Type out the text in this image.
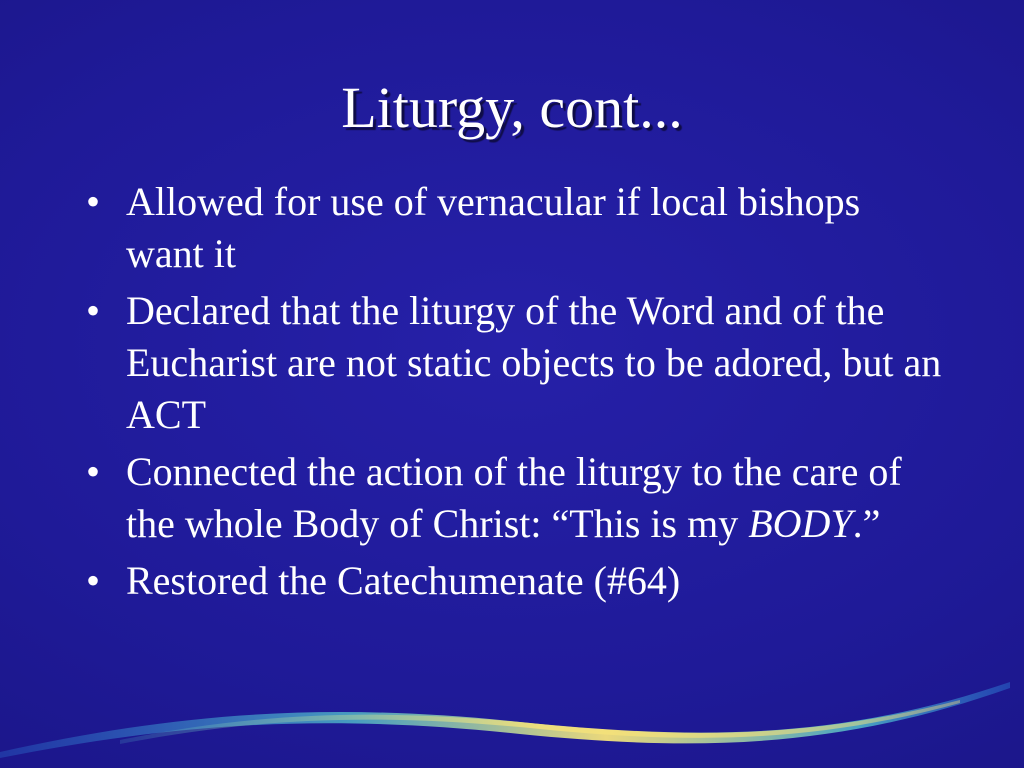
Liturgy, cont...
• Allowed for use of vernacular if local bishops want it
• Declared that the liturgy of the Word and of the Eucharist are not static objects to be adored, but an ACT
• Connected the action of the liturgy to the care of the whole Body of Christ: “This is my BODY.”
• Restored the Catechumenate (#64)
